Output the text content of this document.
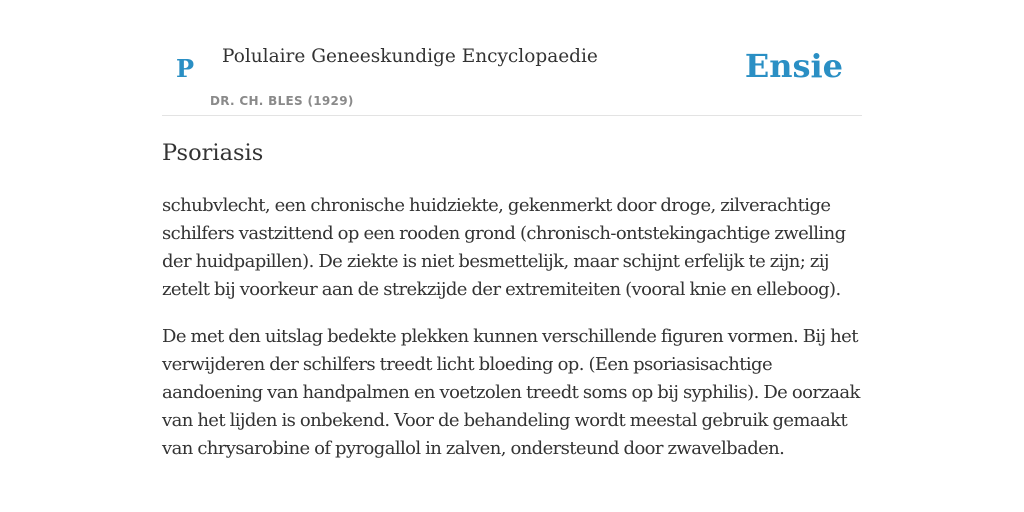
P Polulaire Geneeskundige Encyclopaedie
DR. CH. BLES (1929)
Ensie
Psoriasis

schubvlecht, een chronische huidziekte, gekenmerkt door droge, zilverachtige schilfers vastzittend op een rooden grond (chronisch-ontstekingachtige zwelling der huidpapillen). De ziekte is niet besmettelijk, maar schijnt erfelijk te zijn; zij zetelt bij voorkeur aan de strekzijde der extremiteiten (vooral knie en elleboog).

De met den uitslag bedekte plekken kunnen verschillende figuren vormen. Bij het verwijderen der schilfers treedt licht bloeding op. (Een psoriasisachtige aandoening van handpalmen en voetzolen treedt soms op bij syphilis). De oorzaak van het lijden is onbekend. Voor de behandeling wordt meestal gebruik gemaakt van chrysarobine of pyrogallol in zalven, ondersteund door zwavelbaden.
